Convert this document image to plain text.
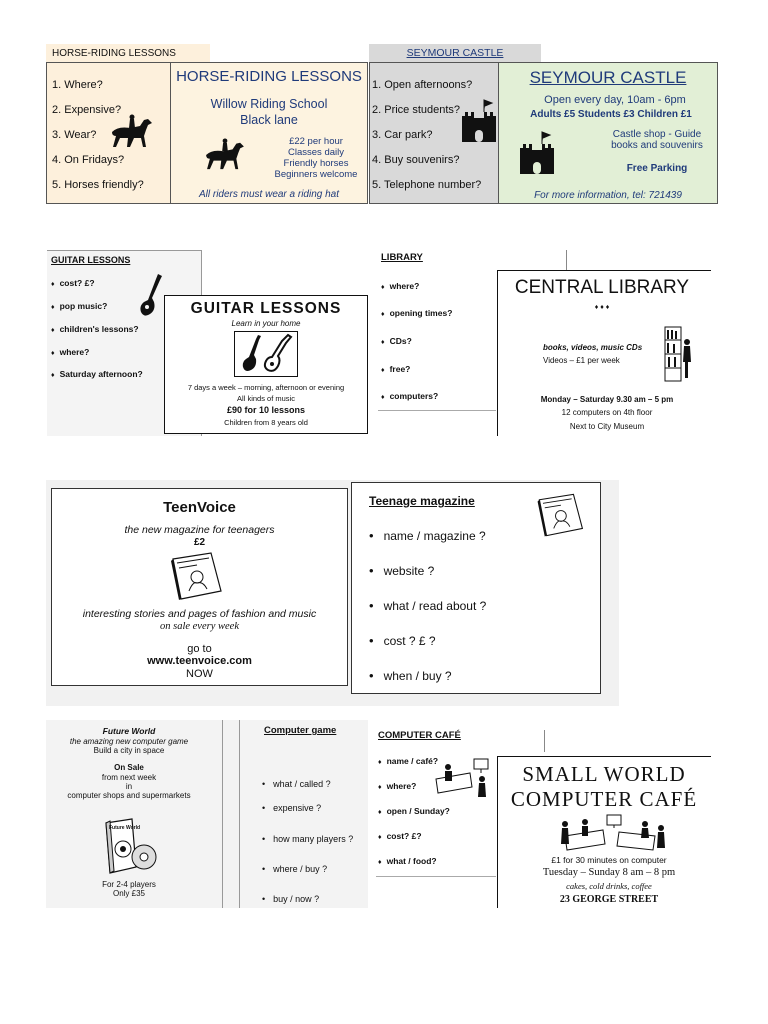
HORSE-RIDING LESSONS
1. Where?
2. Expensive?
3. Wear?
4. On Fridays?
5. Horses friendly?
HORSE-RIDING LESSONS
Willow Riding School
Black lane
£22 per hour
Classes daily
Friendly horses
Beginners welcome
All riders must wear a riding hat
SEYMOUR CASTLE
1. Open afternoons?
2. Price students?
3. Car park?
4. Buy souvenirs?
5. Telephone number?
SEYMOUR CASTLE
Open every day, 10am - 6pm
Adults £5 Students £3 Children £1
Castle shop - Guide
books and souvenirs
Free Parking
For more information, tel: 721439
GUITAR LESSONS
♦ cost? £?
♦ pop music?
♦ children's lessons?
♦ where?
♦ Saturday afternoon?
GUITAR LESSONS
Learn in your home
7 days a week – morning, afternoon or evening
All kinds of music
£90 for 10 lessons
Children from 8 years old
LIBRARY
♦ where?
♦ opening times?
♦ CDs?
♦ free?
♦ computers?
CENTRAL LIBRARY
♦ ♦ ♦
books, videos, music CDs
Videos – £1 per week
Monday – Saturday 9.30 am – 5 pm
12 computers on 4th floor
Next to City Museum
TeenVoice
the new magazine for teenagers
£2
interesting stories and pages of fashion and music
on sale every week
go to
www.teenvoice.com
NOW
Teenage magazine
• name / magazine ?
• website ?
• what / read about ?
• cost ? £ ?
• when / buy ?
Future World
the amazing new computer game
Build a city in space
On Sale
from next week
in
computer shops and supermarkets
Future World
For 2-4 players
Only £35
Computer game
• what / called ?
• expensive ?
• how many players ?
• where / buy ?
• buy / now ?
COMPUTER CAFÉ
♦ name / café?
♦ where?
♦ open / Sunday?
♦ cost? £?
♦ what / food?
SMALL WORLD
COMPUTER CAFÉ
£1 for 30 minutes on computer
Tuesday – Sunday 8 am – 8 pm
cakes, cold drinks, coffee
23 GEORGE STREET
